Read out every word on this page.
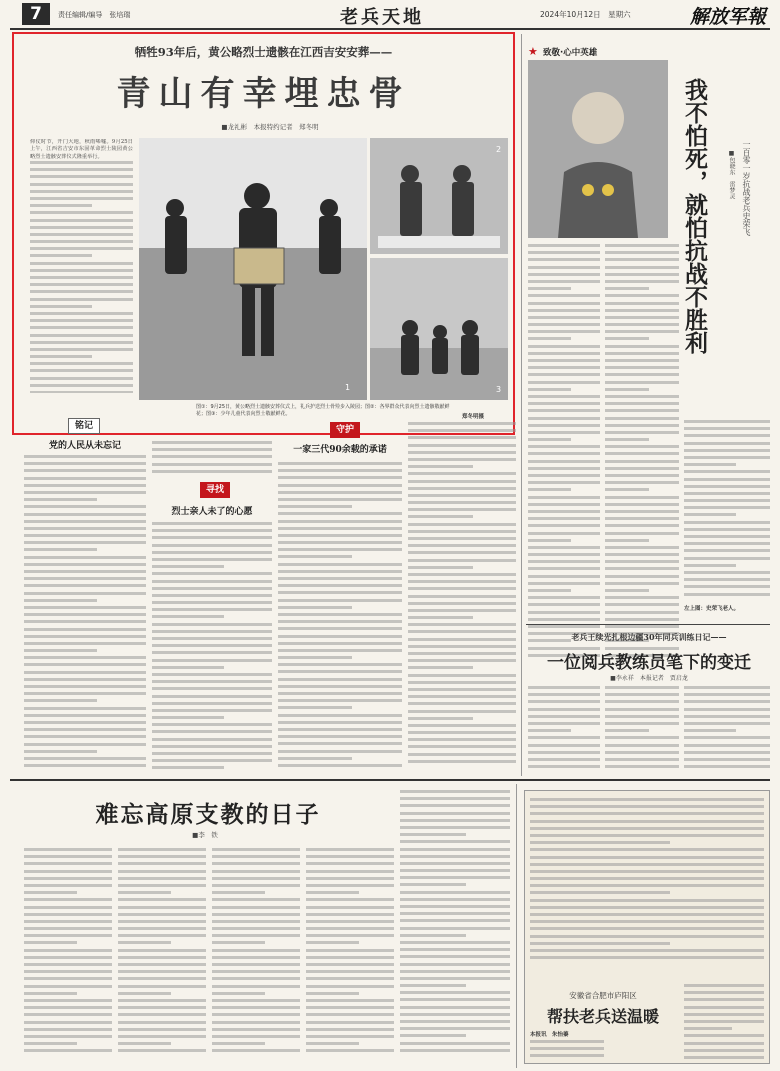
7	责任编辑/编导　张培瑞	老兵天地	2024年10月12日　星期六	解放军報
牺牲93年后，黄公略烈士遗骸在江西吉安安葬——
青山有幸埋忠骨
■龙礼彬　本报特约记者　郑冬明
仰仗时节，开门大地，秋雨唏嘘。9月25日上午，江西省吉安市东固革命烈士陵园黄公略烈士遗骸安葬仪式隆重举行。
1
2
3
图①：9月25日，黄公略烈士遗骸安葬仪式上，礼兵护送烈士骨殓步入陵园；图②：各界群众代表向烈士遗骸敬献鲜花；图③：少年儿童代表向烈士敬献鲜花。	郑冬明摄
铭记
党的人民从未忘记
寻找
烈士亲人未了的心愿
守护
一家三代90余载的承诺
★ 致敬·心中英雄
我不怕死，就怕抗战不胜利	一百零一岁抗战老兵史荣飞
■包晓东　雷梦灵
左上图：史荣飞老人。
老兵王续光扎根边疆30年同兵训练日记——
一位阅兵教练员笔下的变迁
■李永祥　本报记者　贾启龙
难忘高原支教的日子
■李　铁
安徽省合肥市庐阳区
帮扶老兵送温暖
本报讯　朱怡蓁
